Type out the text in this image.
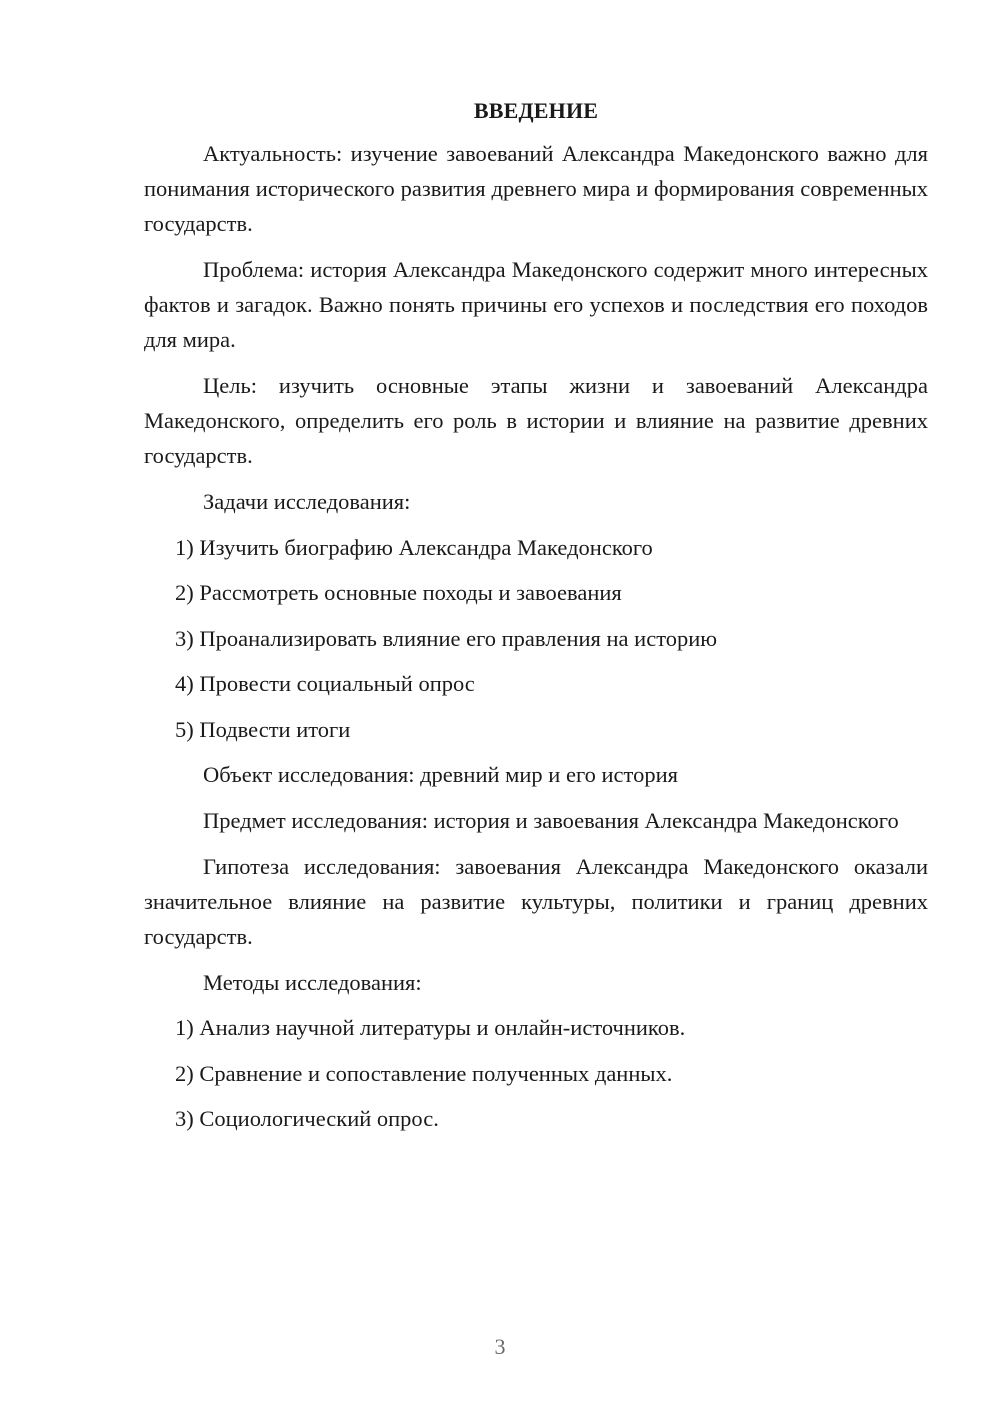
ВВЕДЕНИЕ

Актуальность: изучение завоеваний Александра Македонского важно для понимания исторического развития древнего мира и формирования современных государств.

Проблема: история Александра Македонского содержит много интересных фактов и загадок. Важно понять причины его успехов и последствия его походов для мира.

Цель: изучить основные этапы жизни и завоеваний Александра Македонского, определить его роль в истории и влияние на развитие древних государств.

Задачи исследования:

1) Изучить биографию Александра Македонского
2) Рассмотреть основные походы и завоевания
3) Проанализировать влияние его правления на историю
4) Провести социальный опрос
5) Подвести итоги

Объект исследования: древний мир и его история

Предмет исследования: история и завоевания Александра Македонского

Гипотеза исследования: завоевания Александра Македонского оказали значительное влияние на развитие культуры, политики и границ древних государств.

Методы исследования:

1) Анализ научной литературы и онлайн-источников.
2) Сравнение и сопоставление полученных данных.
3) Социологический опрос.
3
